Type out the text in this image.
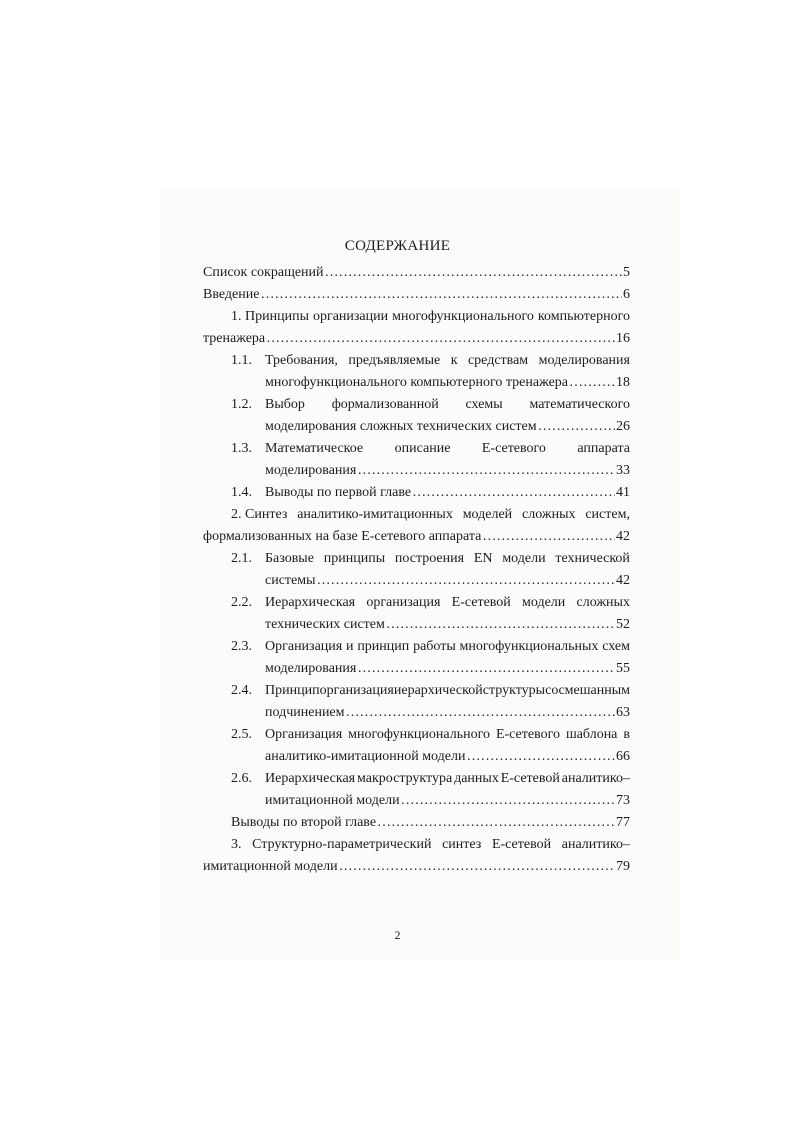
СОДЕРЖАНИЕ
Список сокращений ……………………………………………………………………………………………………………………	5
Введение ……………………………………………………………………………………………………………………	6
1. Принципы организации многофункционального компьютерного
тренажера ……………………………………………………………………………………………………………………	16
1.1. Требования, предъявляемые к средствам моделирования
многофункционального компьютерного тренажера ……………………………………………………………………………………………………………………	18
1.2. Выбор формализованной схемы математического
моделирования сложных технических систем ……………………………………………………………………………………………………………………	26
1.3. Математическое описание Е-сетевого аппарата
моделирования ……………………………………………………………………………………………………………………	33
1.4. Выводы по первой главе ……………………………………………………………………………………………………………………	41
2. Синтез аналитико-имитационных моделей сложных систем,
формализованных на базе Е-сетевого аппарата ……………………………………………………………………………………………………………………	42
2.1. Базовые принципы построения EN модели технической
системы ……………………………………………………………………………………………………………………	42
2.2. Иерархическая организация Е-сетевой модели сложных
технических систем ……………………………………………………………………………………………………………………	52
2.3. Организация и принцип работы многофункциональных схем
моделирования ……………………………………………………………………………………………………………………	55
2.4. Принцип организация иерархической структуры со смешанным
подчинением ……………………………………………………………………………………………………………………	63
2.5. Организация многофункционального Е-сетевого шаблона в
аналитико-имитационной модели ……………………………………………………………………………………………………………………	66
2.6. Иерархическая макроструктура данных Е-сетевой аналитико–
имитационной модели ……………………………………………………………………………………………………………………	73
Выводы по второй главе ……………………………………………………………………………………………………………………	77
3. Структурно-параметрический синтез Е-сетевой аналитико–
имитационной модели ……………………………………………………………………………………………………………………	79
2
